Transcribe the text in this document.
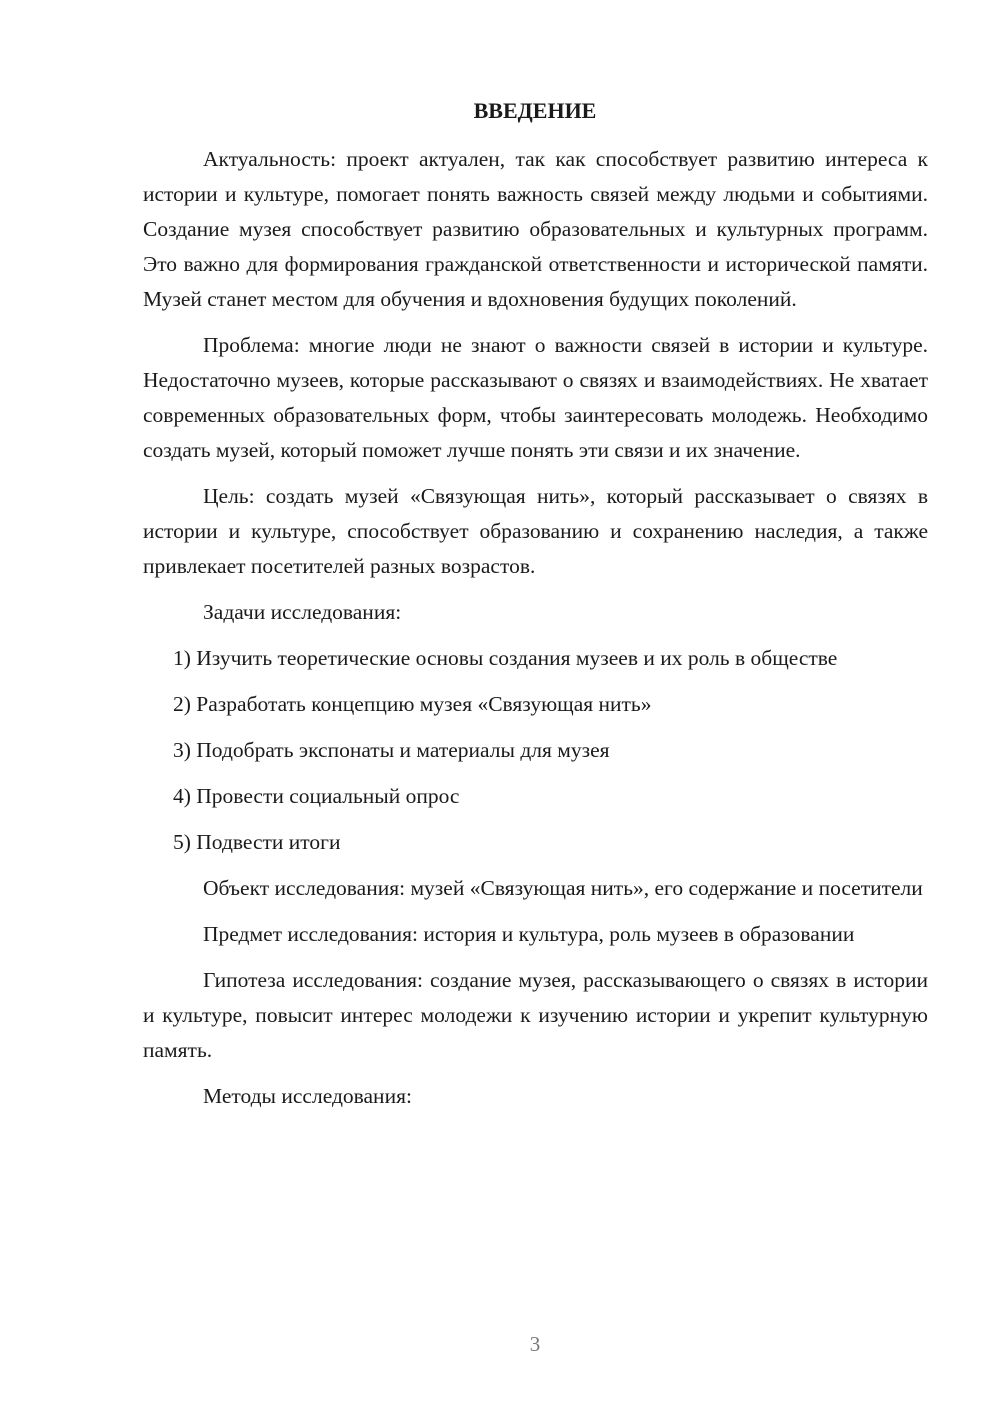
ВВЕДЕНИЕ

Актуальность: проект актуален, так как способствует развитию интереса к истории и культуре, помогает понять важность связей между людьми и событиями. Создание музея способствует развитию образовательных и культурных программ. Это важно для формирования гражданской ответственности и исторической памяти. Музей станет местом для обучения и вдохновения будущих поколений.

Проблема: многие люди не знают о важности связей в истории и культуре. Недостаточно музеев, которые рассказывают о связях и взаимодействиях. Не хватает современных образовательных форм, чтобы заинтересовать молодежь. Необходимо создать музей, который поможет лучше понять эти связи и их значение.

Цель: создать музей «Связующая нить», который рассказывает о связях в истории и культуре, способствует образованию и сохранению наследия, а также привлекает посетителей разных возрастов.

Задачи исследования:

1) Изучить теоретические основы создания музеев и их роль в обществе

2) Разработать концепцию музея «Связующая нить»

3) Подобрать экспонаты и материалы для музея

4) Провести социальный опрос

5) Подвести итоги

Объект исследования: музей «Связующая нить», его содержание и посетители

Предмет исследования: история и культура, роль музеев в образовании

Гипотеза исследования: создание музея, рассказывающего о связях в истории и культуре, повысит интерес молодежи к изучению истории и укрепит культурную память.

Методы исследования:

3
